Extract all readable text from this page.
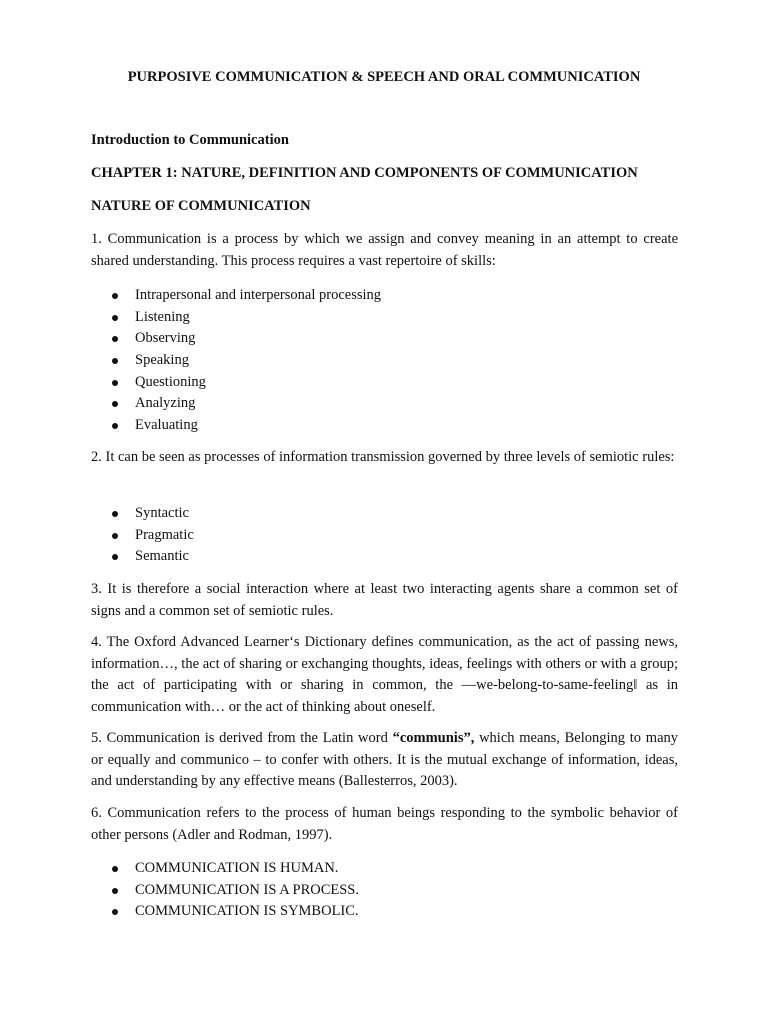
PURPOSIVE COMMUNICATION & SPEECH AND ORAL COMMUNICATION
Introduction to Communication
CHAPTER 1: NATURE, DEFINITION AND COMPONENTS OF COMMUNICATION
NATURE OF COMMUNICATION

1. Communication is a process by which we assign and convey meaning in an attempt to create shared understanding. This process requires a vast repertoire of skills:

Intrapersonal and interpersonal processing
Listening
Observing
Speaking
Questioning
Analyzing
Evaluating

2. It can be seen as processes of information transmission governed by three levels of semiotic rules:

Syntactic
Pragmatic
Semantic

3. It is therefore a social interaction where at least two interacting agents share a common set of signs and a common set of semiotic rules.

4. The Oxford Advanced Learner‘s Dictionary defines communication, as the act of passing news, information…, the act of sharing or exchanging thoughts, ideas, feelings with others or with a group; the act of participating with or sharing in common, the ―we-belong-to-same-feeling‖ as in communication with… or the act of thinking about oneself.

5. Communication is derived from the Latin word “communis”, which means, Belonging to many or equally and communico – to confer with others. It is the mutual exchange of information, ideas, and understanding by any effective means (Ballesterros, 2003).

6. Communication refers to the process of human beings responding to the symbolic behavior of other persons (Adler and Rodman, 1997).

COMMUNICATION IS HUMAN.
COMMUNICATION IS A PROCESS.
COMMUNICATION IS SYMBOLIC.
